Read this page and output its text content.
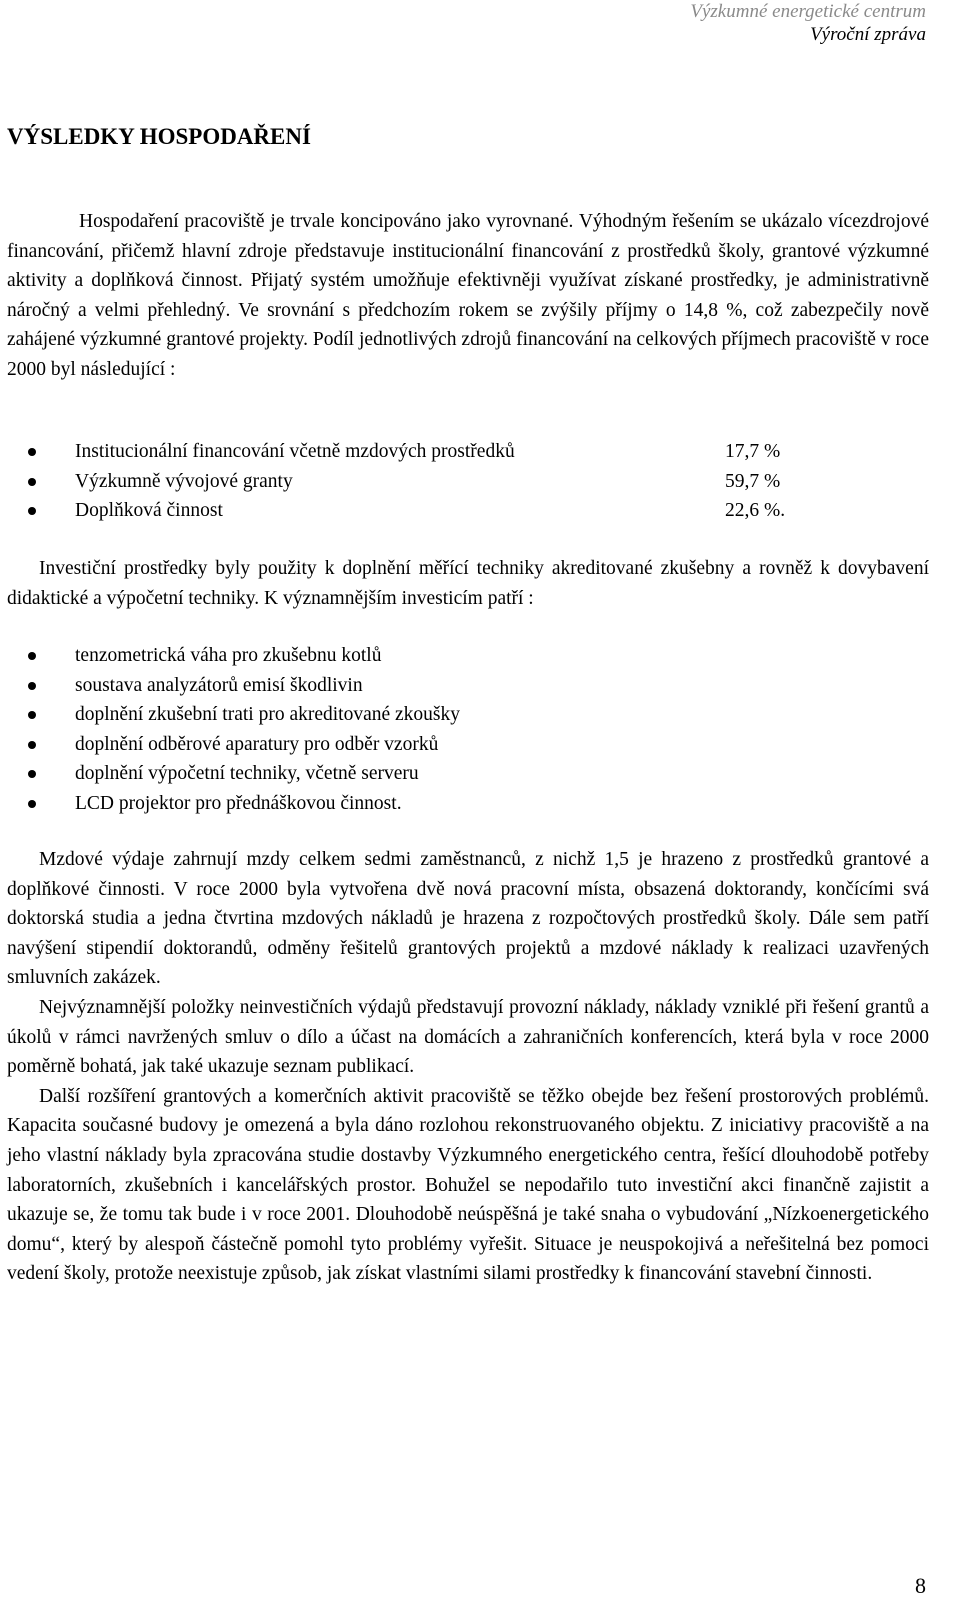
Výzkumné energetické centrum
Výroční zpráva
VÝSLEDKY HOSPODAŘENÍ

Hospodaření pracoviště je trvale koncipováno jako vyrovnané. Výhodným řešením se ukázalo vícezdrojové financování, přičemž hlavní zdroje představuje institucionální financování z prostředků školy, grantové výzkumné aktivity a doplňková činnost. Přijatý systém umožňuje efektivněji využívat získané prostředky, je administrativně náročný a velmi přehledný. Ve srovnání s předchozím rokem se zvýšily příjmy o 14,8 %, což zabezpečily nově zahájené výzkumné grantové projekty. Podíl jednotlivých zdrojů financování na celkových příjmech pracoviště v roce 2000 byl následující :

Institucionální financování včetně mzdových prostředků	17,7 %
Výzkumně vývojové granty	59,7 %
Doplňková činnost	22,6 %.

Investiční prostředky byly použity k doplnění měřící techniky akreditované zkušebny a rovněž k dovybavení didaktické a výpočetní techniky. K významnějším investicím patří :

tenzometrická váha pro zkušebnu kotlů
soustava analyzátorů emisí škodlivin
doplnění zkušební trati pro akreditované zkoušky
doplnění odběrové aparatury pro odběr vzorků
doplnění výpočetní techniky, včetně serveru
LCD projektor pro přednáškovou činnost.

Mzdové výdaje zahrnují mzdy celkem sedmi zaměstnanců, z nichž 1,5 je hrazeno z prostředků grantové a doplňkové činnosti. V roce 2000 byla vytvořena dvě nová pracovní místa, obsazená doktorandy, končícími svá doktorská studia a jedna čtvrtina mzdových nákladů je hrazena z rozpočtových prostředků školy. Dále sem patří navýšení stipendií doktorandů, odměny řešitelů grantových projektů a mzdové náklady k realizaci uzavřených smluvních zakázek.

Nejvýznamnější položky neinvestičních výdajů představují provozní náklady, náklady vzniklé při řešení grantů a úkolů v rámci navržených smluv o dílo a účast na domácích a zahraničních konferencích, která byla v roce 2000 poměrně bohatá, jak také ukazuje seznam publikací.

Další rozšíření grantových a komerčních aktivit pracoviště se těžko obejde bez řešení prostorových problémů. Kapacita současné budovy je omezená a byla dáno rozlohou rekonstruovaného objektu. Z iniciativy pracoviště a na jeho vlastní náklady byla zpracována studie dostavby Výzkumného energetického centra, řešící dlouhodobě potřeby laboratorních, zkušebních i kancelářských prostor. Bohužel se nepodařilo tuto investiční akci finančně zajistit a ukazuje se, že tomu tak bude i v roce 2001. Dlouhodobě neúspěšná je také snaha o vybudování „Nízkoenergetického domu“, který by alespoň částečně pomohl tyto problémy vyřešit. Situace je neuspokojivá a neřešitelná bez pomoci vedení školy, protože neexistuje způsob, jak získat vlastními silami prostředky k financování stavební činnosti.

8
